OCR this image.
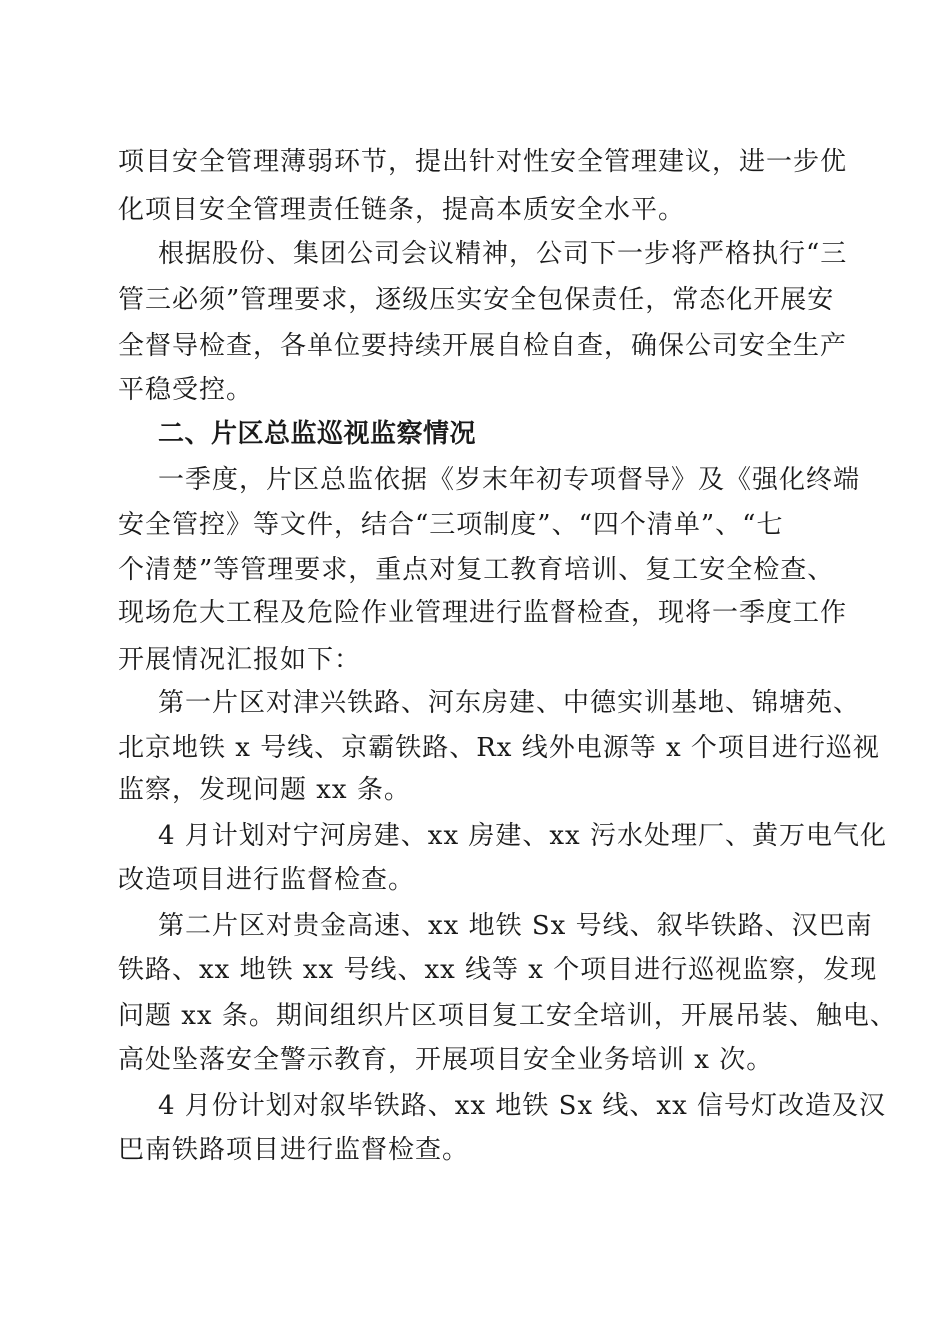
项目安全管理薄弱环节，提出针对性安全管理建议，进一步优
化项目安全管理责任链条，提高本质安全水平。
根据股份、集团公司会议精神，公司下一步将严格执行“三
管三必须”管理要求，逐级压实安全包保责任，常态化开展安
全督导检查，各单位要持续开展自检自查，确保公司安全生产
平稳受控。
二、片区总监巡视监察情况
一季度，片区总监依据《岁末年初专项督导》及《强化终端
安全管控》等文件，结合“三项制度”、“四个清单”、“七
个清楚”等管理要求，重点对复工教育培训、复工安全检查、
现场危大工程及危险作业管理进行监督检查，现将一季度工作
开展情况汇报如下：
第一片区对津兴铁路、河东房建、中德实训基地、锦塘苑、
北京地铁 x 号线、京霸铁路、Rx 线外电源等 x 个项目进行巡视
监察，发现问题 xx 条。
4 月计划对宁河房建、xx 房建、xx 污水处理厂、黄万电气化
改造项目进行监督检查。
第二片区对贵金高速、xx 地铁 Sx 号线、叙毕铁路、汉巴南
铁路、xx 地铁 xx 号线、xx 线等 x 个项目进行巡视监察，发现
问题 xx 条。期间组织片区项目复工安全培训，开展吊装、触电、
高处坠落安全警示教育，开展项目安全业务培训 x 次。
4 月份计划对叙毕铁路、xx 地铁 Sx 线、xx 信号灯改造及汉
巴南铁路项目进行监督检查。
